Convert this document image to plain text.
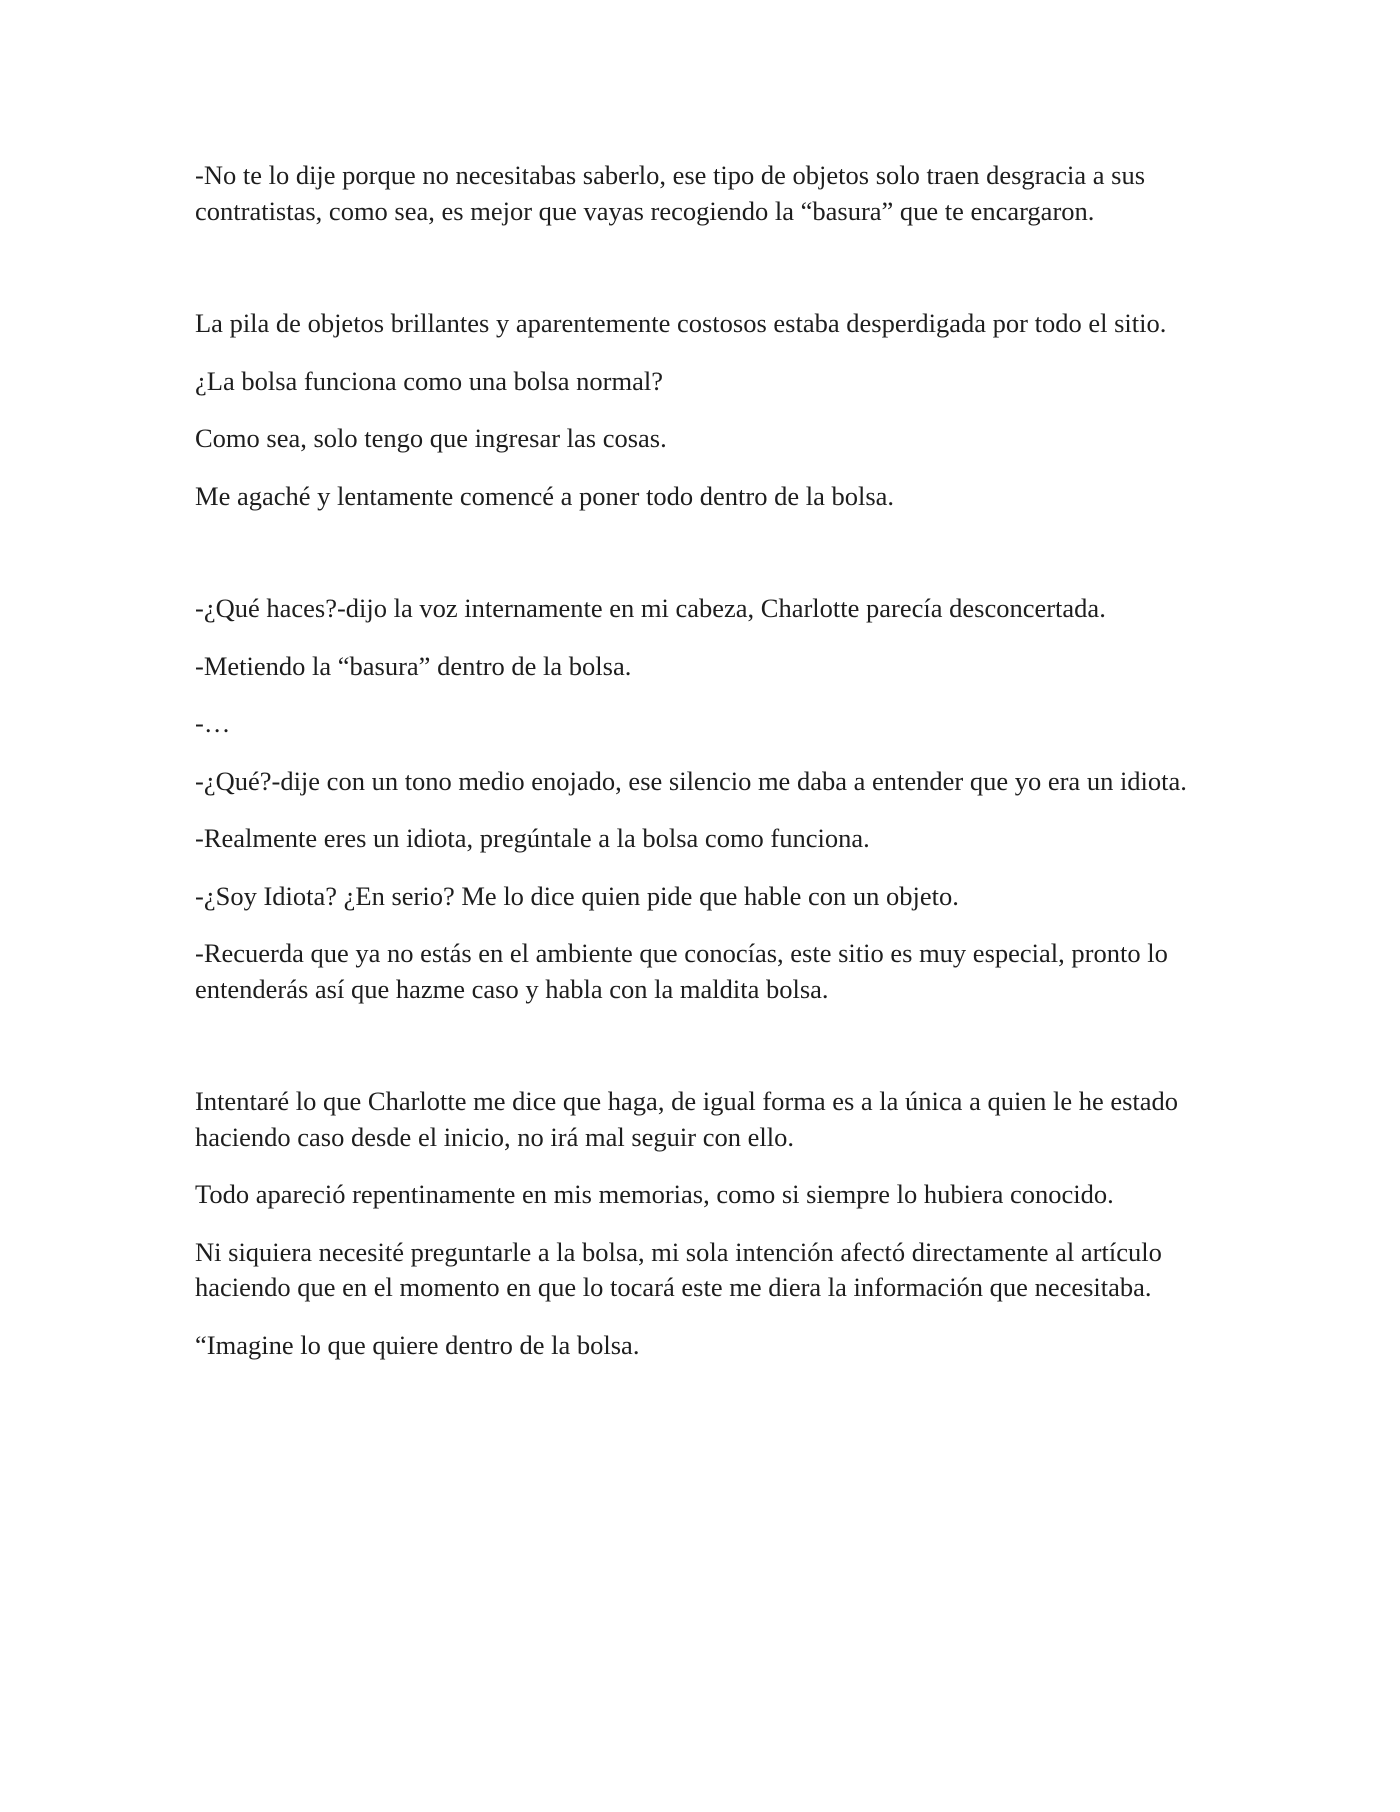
-No te lo dije porque no necesitabas saberlo, ese tipo de objetos solo traen desgracia a sus contratistas, como sea, es mejor que vayas recogiendo la “basura” que te encargaron.

La pila de objetos brillantes y aparentemente costosos estaba desperdigada por todo el sitio.

¿La bolsa funciona como una bolsa normal?

Como sea, solo tengo que ingresar las cosas.

Me agaché y lentamente comencé a poner todo dentro de la bolsa.

-¿Qué haces?-dijo la voz internamente en mi cabeza, Charlotte parecía desconcertada.

-Metiendo la “basura” dentro de la bolsa.

-…

-¿Qué?-dije con un tono medio enojado, ese silencio me daba a entender que yo era un idiota.

-Realmente eres un idiota, pregúntale a la bolsa como funciona.

-¿Soy Idiota? ¿En serio? Me lo dice quien pide que hable con un objeto.

-Recuerda que ya no estás en el ambiente que conocías, este sitio es muy especial, pronto lo entenderás así que hazme caso y habla con la maldita bolsa.

Intentaré lo que Charlotte me dice que haga, de igual forma es a la única a quien le he estado haciendo caso desde el inicio, no irá mal seguir con ello.

Todo apareció repentinamente en mis memorias, como si siempre lo hubiera conocido.

Ni siquiera necesité preguntarle a la bolsa, mi sola intención afectó directamente al artículo haciendo que en el momento en que lo tocará este me diera la información que necesitaba.

“Imagine lo que quiere dentro de la bolsa.
